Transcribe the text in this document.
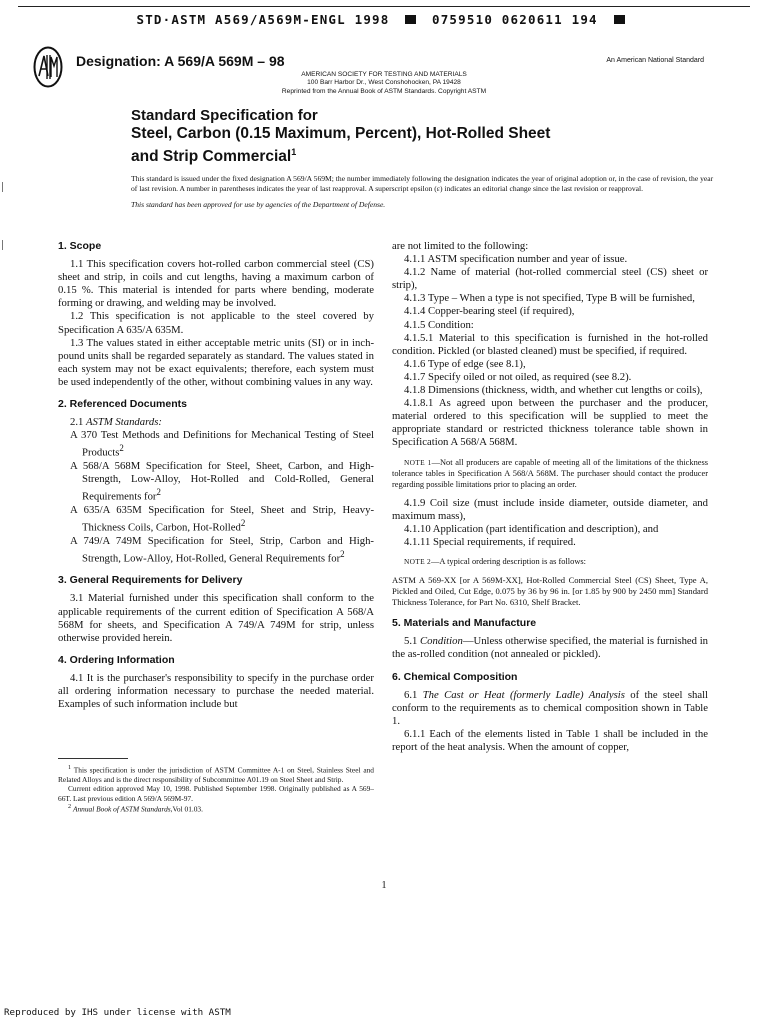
STD·ASTM A569/A569M-ENGL 1998	0759510 0620611 194
Designation: A 569/A 569M – 98	An American National Standard
AMERICAN SOCIETY FOR TESTING AND MATERIALS
100 Barr Harbor Dr., West Conshohocken, PA 19428
Reprinted from the Annual Book of ASTM Standards. Copyright ASTM
Standard Specification for
Steel, Carbon (0.15 Maximum, Percent), Hot-Rolled Sheet
and Strip Commercial$^1$

This standard is issued under the fixed designation A 569/A 569M; the number immediately following the designation indicates the year of original adoption or, in the case of revision, the year of last revision. A number in parentheses indicates the year of last reapproval. A superscript epsilon (ε) indicates an editorial change since the last revision or reapproval.

This standard has been approved for use by agencies of the Department of Defense.

1. Scope

1.1 This specification covers hot-rolled carbon commercial steel (CS) sheet and strip, in coils and cut lengths, having a maximum carbon of 0.15 %. This material is intended for parts where bending, moderate forming or drawing, and welding may be involved.

1.2 This specification is not applicable to the steel covered by Specification A 635/A 635M.

1.3 The values stated in either acceptable metric units (SI) or in inch-pound units shall be regarded separately as standard. The values stated in each system may not be exact equivalents; therefore, each system must be used independently of the other, without combining values in any way.

2. Referenced Documents

2.1 ASTM Standards:

A 370 Test Methods and Definitions for Mechanical Testing of Steel Products$^2$

A 568/A 568M Specification for Steel, Sheet, Carbon, and High-Strength, Low-Alloy, Hot-Rolled and Cold-Rolled, General Requirements for$^2$

A 635/A 635M Specification for Steel, Sheet and Strip, Heavy-Thickness Coils, Carbon, Hot-Rolled$^2$

A 749/A 749M Specification for Steel, Strip, Carbon and High-Strength, Low-Alloy, Hot-Rolled, General Requirements for$^2$

3. General Requirements for Delivery

3.1 Material furnished under this specification shall conform to the applicable requirements of the current edition of Specification A 568/A 568M for sheets, and Specification A 749/A 749M for strip, unless otherwise provided herein.

4. Ordering Information

4.1 It is the purchaser's responsibility to specify in the purchase order all ordering information necessary to purchase the needed material. Examples of such information include but

$^1$ This specification is under the jurisdiction of ASTM Committee A-1 on Steel, Stainless Steel and Related Alloys and is the direct responsibility of Subcommittee A01.19 on Steel Sheet and Strip.

Current edition approved May 10, 1998. Published September 1998. Originally published as A 569–66T. Last previous edition A 569/A 569M-97.

$^2$ Annual Book of ASTM Standards,Vol 01.03.

are not limited to the following:

4.1.1 ASTM specification number and year of issue.

4.1.2 Name of material (hot-rolled commercial steel (CS) sheet or strip),

4.1.3 Type – When a type is not specified, Type B will be furnished,

4.1.4 Copper-bearing steel (if required),

4.1.5 Condition:

4.1.5.1 Material to this specification is furnished in the hot-rolled condition. Pickled (or blasted cleaned) must be specified, if required.

4.1.6 Type of edge (see 8.1),

4.1.7 Specify oiled or not oiled, as required (see 8.2).

4.1.8 Dimensions (thickness, width, and whether cut lengths or coils),

4.1.8.1 As agreed upon between the purchaser and the producer, material ordered to this specification will be supplied to meet the appropriate standard or restricted thickness tolerance table shown in Specification A 568/A 568M.

NOTE 1—Not all producers are capable of meeting all of the limitations of the thickness tolerance tables in Specification A 568/A 568M. The purchaser should contact the producer regarding possible limitations prior to placing an order.

4.1.9 Coil size (must include inside diameter, outside diameter, and maximum mass),

4.1.10 Application (part identification and description), and

4.1.11 Special requirements, if required.

NOTE 2—A typical ordering description is as follows:

ASTM A 569-XX [or A 569M-XX], Hot-Rolled Commercial Steel (CS) Sheet, Type A, Pickled and Oiled, Cut Edge, 0.075 by 36 by 96 in. [or 1.85 by 900 by 2450 mm] Standard Thickness Tolerance, for Part No. 6310, Shelf Bracket.

5. Materials and Manufacture

5.1 Condition—Unless otherwise specified, the material is furnished in the as-rolled condition (not annealed or pickled).

6. Chemical Composition

6.1 The Cast or Heat (formerly Ladle) Analysis of the steel shall conform to the requirements as to chemical composition shown in Table 1.

6.1.1 Each of the elements listed in Table 1 shall be included in the report of the heat analysis. When the amount of copper,

1
Reproduced by IHS under license with ASTM
